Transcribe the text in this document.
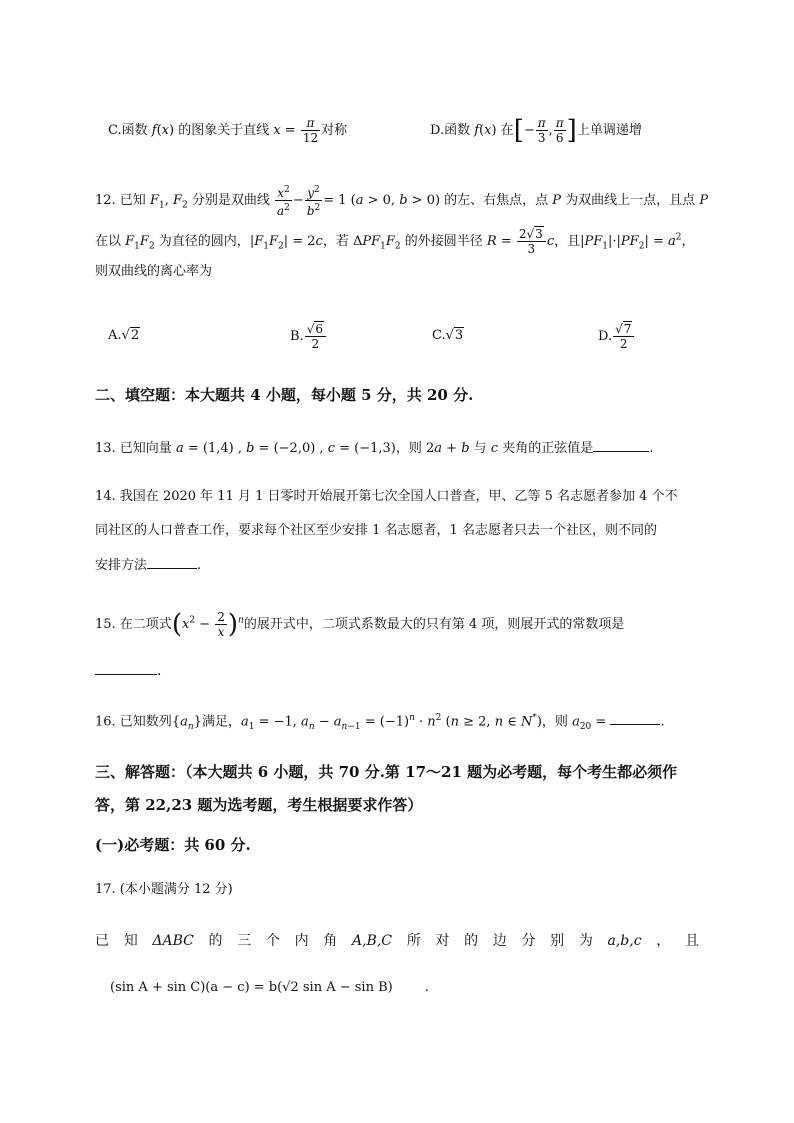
C.函数 f(x) 的图象关于直线 $x = \frac{\pi}{12}$ 对称	D.函数 f(x) 在[− $\frac{\pi}{3}$ , $\frac{\pi}{6}$ ]上单调递增
12. 已知 $F_1$, $F_2$ 分别是双曲线 $\frac{x^2}{a^2} - \frac{y^2}{b^2} = 1$ (a > 0, b > 0) 的左、右焦点，点 P 为双曲线上一点，且点 P
在以 $F_1F_2$ 为直径的圆内，$|F_1F_2| = 2c$，若 $\Delta PF_1F_2$ 的外接圆半径 $R = \frac{2√3}{3}$ c，且$|PF_1|\cdot|PF_2| = a^2$，
则双曲线的离心率为
A.√2	B. $\frac{√6}{2}$	C.√3	D. $\frac{√7}{2}$
二、填空题：本大题共 4 小题，每小题 5 分，共 20 分.
13. 已知向量 a = (1,4) , b = (−2,0) , c = (−1,3)，则 2a + b 与 c 夹角的正弦值是	.
14. 我国在 2020 年 11 月 1 日零时开始展开第七次全国人口普查，甲、乙等 5 名志愿者参加 4 个不
同社区的人口普查工作，要求每个社区至少安排 1 名志愿者，1 名志愿者只去一个社区，则不同的
安排方法	.
15. 在二项式$(x^2 - \frac{2}{x} )^n$的展开式中，二项式系数最大的只有第 4 项，则展开式的常数项是
.
16. 已知数列$\{a_n\}$满足，$a_1 = -1$, $a_n - a_{n-1} = (-1)^n \cdot n^2$ (n ≥ 2, n ∈ N*)，则 $a_{20}$ =	.
三、解答题：（本大题共 6 小题，共 70 分.第 17～21 题为必考题，每个考生都必须作
答，第 22,23 题为选考题，考生根据要求作答）
(一)必考题：共 60 分.
17. (本小题满分 12 分)
已 知 ΔABC 的 三 个 内 角 A,B,C 所 对 的 边 分 别 为 a,b,c ， 且
(sin A + sin C)(a − c) = b(√2 sin A − sin B) .
